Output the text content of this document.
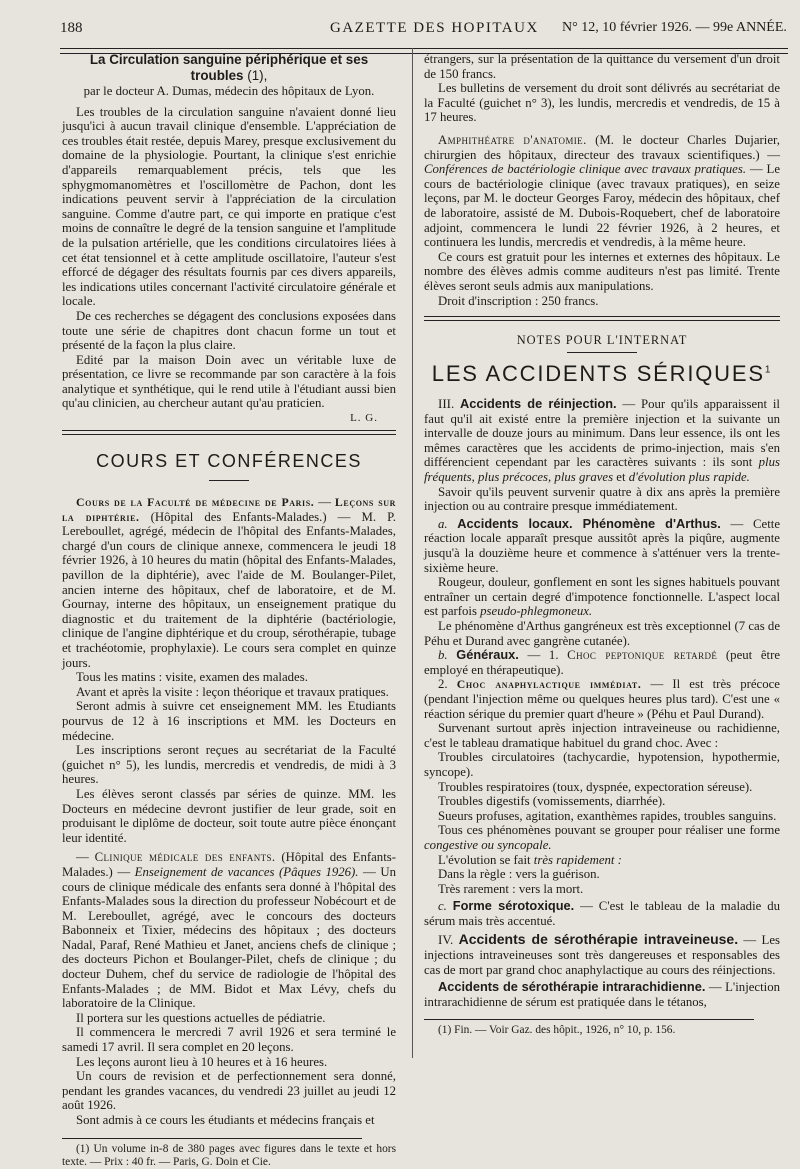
188	GAZETTE DES HOPITAUX N° 12, 10 février 1926. — 99e ANNÉE.
La Circulation sanguine périphérique et ses troubles (1),
par le docteur A. Dumas, médecin des hôpitaux de Lyon.

Les troubles de la circulation sanguine n'avaient donné lieu jusqu'ici à aucun travail clinique d'ensemble. L'appréciation de ces troubles était restée, depuis Marey, presque exclusivement du domaine de la physiologie. Pourtant, la clinique s'est enrichie d'appareils remarquablement précis, tels que les sphygmomanomètres et l'oscillomètre de Pachon, dont les indications peuvent servir à l'appréciation de la circulation sanguine. Comme d'autre part, ce qui importe en pratique c'est moins de connaître le degré de la tension sanguine et l'amplitude de la pulsation artérielle, que les conditions circulatoires liées à cet état tensionnel et à cette amplitude oscillatoire, l'auteur s'est efforcé de dégager des résultats fournis par ces divers appareils, les indications utiles concernant l'activité circulatoire générale et locale.

De ces recherches se dégagent des conclusions exposées dans toute une série de chapitres dont chacun forme un tout et présenté de la façon la plus claire.

Edité par la maison Doin avec un véritable luxe de présentation, ce livre se recommande par son caractère à la fois analytique et synthétique, qui le rend utile à l'étudiant aussi bien qu'au clinicien, au chercheur autant qu'au praticien.

L. G.
COURS ET CONFÉRENCES

Cours de la Faculté de médecine de Paris. — Leçons sur la diphtérie. (Hôpital des Enfants-Malades.) — M. P. Lereboullet, agrégé, médecin de l'hôpital des Enfants-Malades, chargé d'un cours de clinique annexe, commencera le jeudi 18 février 1926, à 10 heures du matin (hôpital des Enfants-Malades, pavillon de la diphtérie), avec l'aide de M. Boulanger-Pilet, ancien interne des hôpitaux, chef de laboratoire, et de M. Gournay, interne des hôpitaux, un enseignement pratique du diagnostic et du traitement de la diphtérie (bactériologie, clinique de l'angine diphtérique et du croup, sérothérapie, tubage et trachéotomie, prophylaxie). Le cours sera complet en quinze jours.

Tous les matins : visite, examen des malades.

Avant et après la visite : leçon théorique et travaux pratiques.

Seront admis à suivre cet enseignement MM. les Etudiants pourvus de 12 à 16 inscriptions et MM. les Docteurs en médecine.

Les inscriptions seront reçues au secrétariat de la Faculté (guichet n° 5), les lundis, mercredis et vendredis, de midi à 3 heures.

Les élèves seront classés par séries de quinze. MM. les Docteurs en médecine devront justifier de leur grade, soit en produisant le diplôme de docteur, soit toute autre pièce énonçant leur identité.

— Clinique médicale des enfants. (Hôpital des Enfants-Malades.) — Enseignement de vacances (Pâques 1926). — Un cours de clinique médicale des enfants sera donné à l'hôpital des Enfants-Malades sous la direction du professeur Nobécourt et de M. Lereboullet, agrégé, avec le concours des docteurs Babonneix et Tixier, médecins des hôpitaux ; des docteurs Nadal, Paraf, René Mathieu et Janet, anciens chefs de clinique ; des docteurs Pichon et Boulanger-Pilet, chefs de clinique ; du docteur Duhem, chef du service de radiologie de l'hôpital des Enfants-Malades ; de MM. Bidot et Max Lévy, chefs du laboratoire de la Clinique.

Il portera sur les questions actuelles de pédiatrie.

Il commencera le mercredi 7 avril 1926 et sera terminé le samedi 17 avril. Il sera complet en 20 leçons.

Les leçons auront lieu à 10 heures et à 16 heures.

Un cours de revision et de perfectionnement sera donné, pendant les grandes vacances, du vendredi 23 juillet au jeudi 12 août 1926.

Sont admis à ce cours les étudiants et médecins français et

(1) Un volume in-8 de 380 pages avec figures dans le texte et hors texte. — Prix : 40 fr. — Paris, G. Doin et Cie.

étrangers, sur la présentation de la quittance du versement d'un droit de 150 francs.

Les bulletins de versement du droit sont délivrés au secrétariat de la Faculté (guichet n° 3), les lundis, mercredis et vendredis, de 15 à 17 heures.

Amphithéatre d'anatomie. (M. le docteur Charles Dujarier, chirurgien des hôpitaux, directeur des travaux scientifiques.) — Conférences de bactériologie clinique avec travaux pratiques. — Le cours de bactériologie clinique (avec travaux pratiques), en seize leçons, par M. le docteur Georges Faroy, médecin des hôpitaux, chef de laboratoire, assisté de M. Dubois-Roquebert, chef de laboratoire adjoint, commencera le lundi 22 février 1926, à 2 heures, et continuera les lundis, mercredis et vendredis, à la même heure.

Ce cours est gratuit pour les internes et externes des hôpitaux. Le nombre des élèves admis comme auditeurs n'est pas limité. Trente élèves seront seuls admis aux manipulations.

Droit d'inscription : 250 francs.

NOTES POUR L'INTERNAT
LES ACCIDENTS SÉRIQUES$^1$

III. Accidents de réinjection. — Pour qu'ils apparaissent il faut qu'il ait existé entre la première injection et la suivante un intervalle de douze jours au minimum. Dans leur essence, ils ont les mêmes caractères que les accidents de primo-injection, mais s'en différencient cependant par les caractères suivants : ils sont plus fréquents, plus précoces, plus graves et d'évolution plus rapide.

Savoir qu'ils peuvent survenir quatre à dix ans après la première injection ou au contraire presque immédiatement.

a. Accidents locaux. Phénomène d'Arthus. — Cette réaction locale apparaît presque aussitôt après la piqûre, augmente jusqu'à la douzième heure et commence à s'atténuer vers la trente-sixième heure.

Rougeur, douleur, gonflement en sont les signes habituels pouvant entraîner un certain degré d'impotence fonctionnelle. L'aspect local est parfois pseudo-phlegmoneux.

Le phénomène d'Arthus gangréneux est très exceptionnel (7 cas de Péhu et Durand avec gangrène cutanée).

b. Généraux. — 1. Choc peptonique retardé (peut être employé en thérapeutique).

2. Choc anaphylactique immédiat. — Il est très précoce (pendant l'injection même ou quelques heures plus tard). C'est une « réaction sérique du premier quart d'heure » (Péhu et Paul Durand).

Survenant surtout après injection intraveineuse ou rachidienne, c'est le tableau dramatique habituel du grand choc. Avec :

Troubles circulatoires (tachycardie, hypotension, hypothermie, syncope).

Troubles respiratoires (toux, dyspnée, expectoration séreuse).

Troubles digestifs (vomissements, diarrhée).

Sueurs profuses, agitation, exanthèmes rapides, troubles sanguins.

Tous ces phénomènes pouvant se grouper pour réaliser une forme congestive ou syncopale.

L'évolution se fait très rapidement :

Dans la règle : vers la guérison.

Très rarement : vers la mort.

c. Forme sérotoxique. — C'est le tableau de la maladie du sérum mais très accentué.

IV. Accidents de sérothérapie intraveineuse. — Les injections intraveineuses sont très dangereuses et responsables des cas de mort par grand choc anaphylactique au cours des réinjections.

Accidents de sérothérapie intrarachidienne. — L'injection intrarachidienne de sérum est pratiquée dans le tétanos,

(1) Fin. — Voir Gaz. des hôpit., 1926, n° 10, p. 156.
